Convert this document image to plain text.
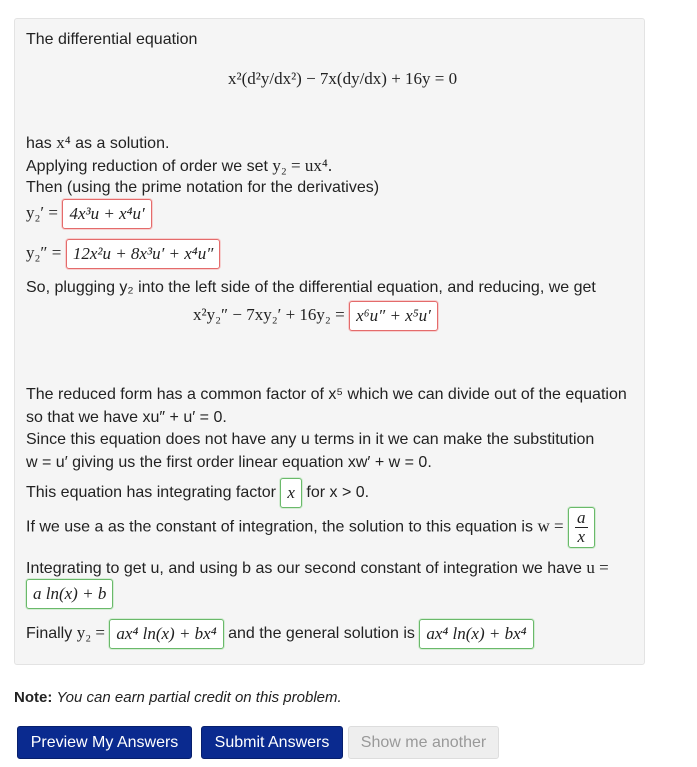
The differential equation
x²(d²y/dx²) − 7x(dy/dx) + 16y = 0
has x⁴ as a solution.
Applying reduction of order we set y₂ = ux⁴.
Then (using the prime notation for the derivatives)
y₂′ = 4x³u + x⁴u′
y₂″ = 12x²u + 8x³u′ + x⁴u″
So, plugging y₂ into the left side of the differential equation, and reducing, we get
x²y₂″ − 7xy₂′ + 16y₂ = x⁶u″ + x⁵u′
The reduced form has a common factor of x⁵ which we can divide out of the equation
so that we have xu″ + u′ = 0.
Since this equation does not have any u terms in it we can make the substitution
w = u′ giving us the first order linear equation xw′ + w = 0.
This equation has integrating factor x for x > 0.
If we use a as the constant of integration, the solution to this equation is $w = \frac{a}{x}$
Integrating to get u, and using b as our second constant of integration we have u =
a ln(x) + b
Finally y₂ = ax⁴ ln(x) + bx⁴ and the general solution is ax⁴ ln(x) + bx⁴
Note: You can earn partial credit on this problem.
Preview My Answers	Submit Answers	Show me another
